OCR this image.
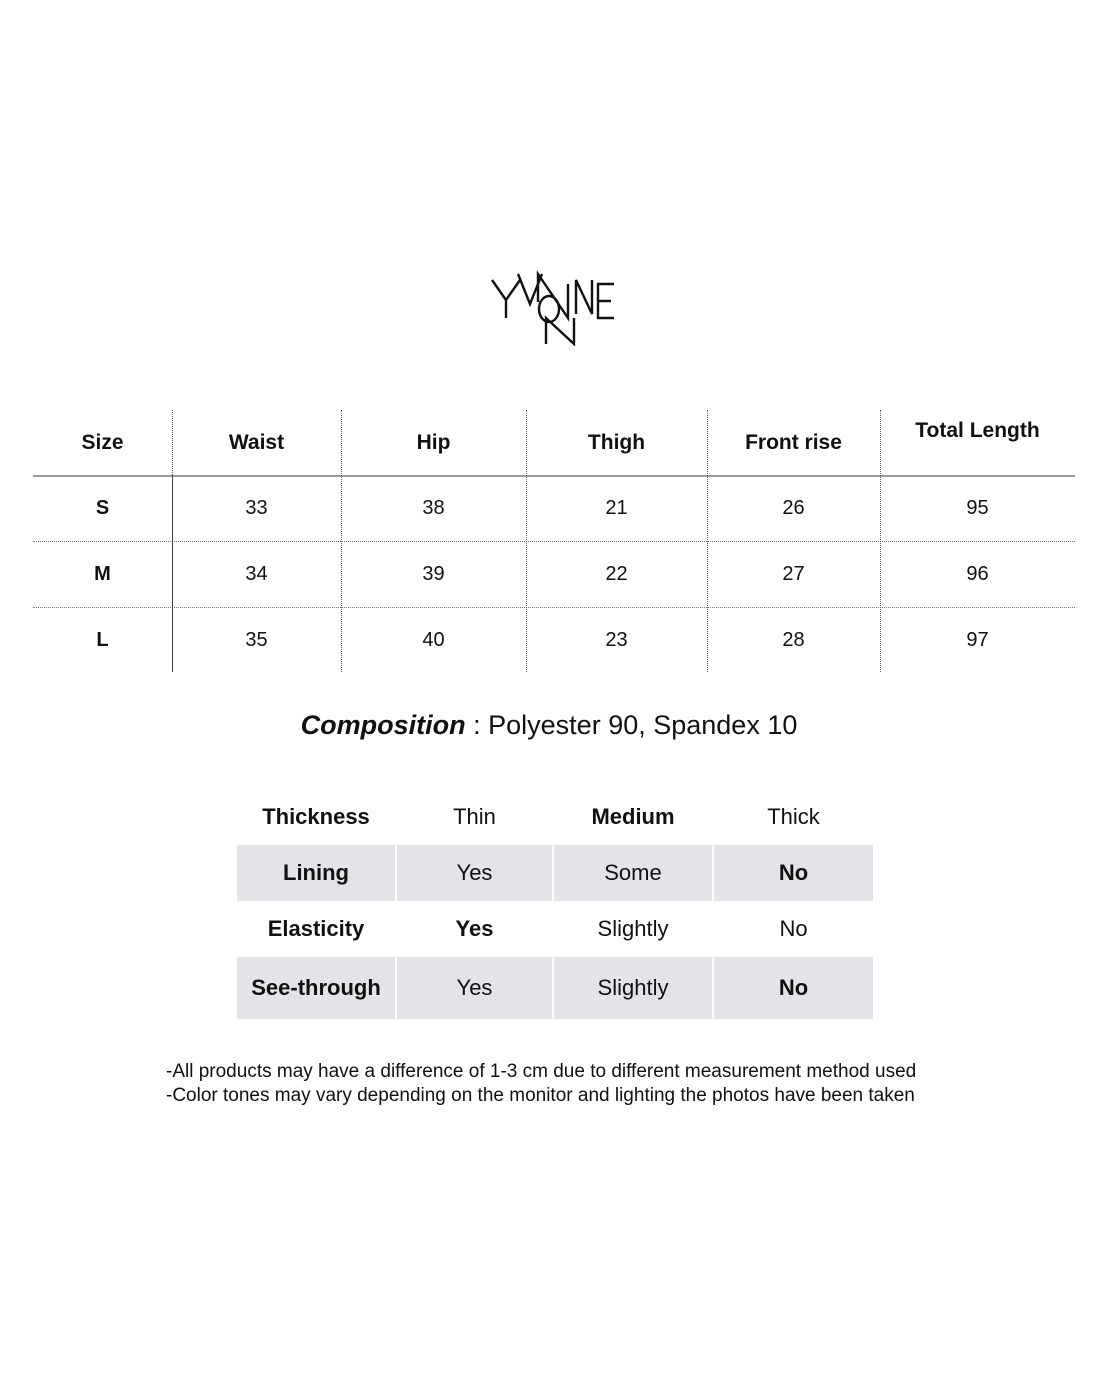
Size	Waist	Hip	Thigh	Front rise	Total Length
S	33	38	21	26	95
M	34	39	22	27	96
L	35	40	23	28	97
Composition : Polyester 90, Spandex 10
Thickness	Thin	Medium	Thick
Lining	Yes	Some	No
Elasticity	Yes	Slightly	No
See-through	Yes	Slightly	No
-All products may have a difference of 1-3 cm due to different measurement method used
-Color tones may vary depending on the monitor and lighting the photos have been taken
